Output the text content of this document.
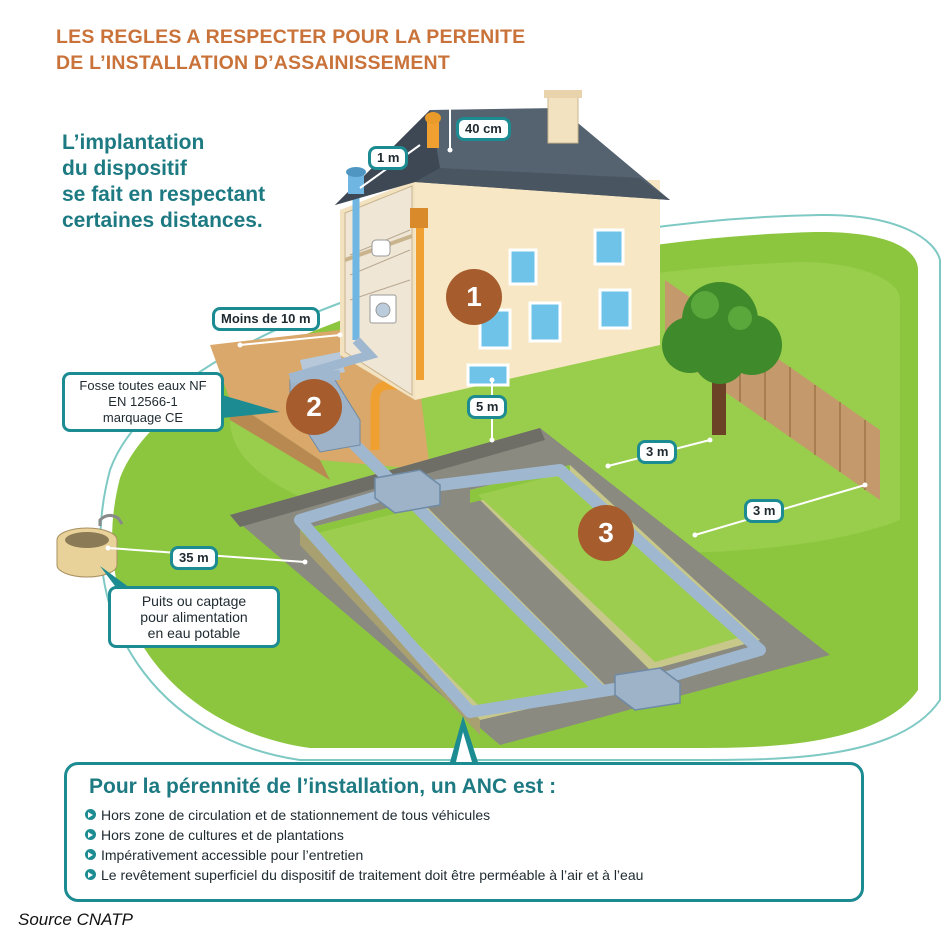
LES REGLES A RESPECTER POUR LA PERENITE
DE L’INSTALLATION D’ASSAINISSEMENT
L’implantation
du dispositif
se fait en respectant
certaines distances.
40 cm
1 m
Moins de 10 m
5 m
3 m
3 m
35 m
Fosse toutes eaux NF
EN 12566-1
marquage CE
Puits ou captage
pour alimentation
en eau potable
1
2
3
Pour la pérennité de l’installation, un ANC est :
Hors zone de circulation et de stationnement de tous véhicules
Hors zone de cultures et de plantations
Impérativement accessible pour l’entretien
Le revêtement superficiel du dispositif de traitement doit être perméable à l’air et à l’eau
Source CNATP
